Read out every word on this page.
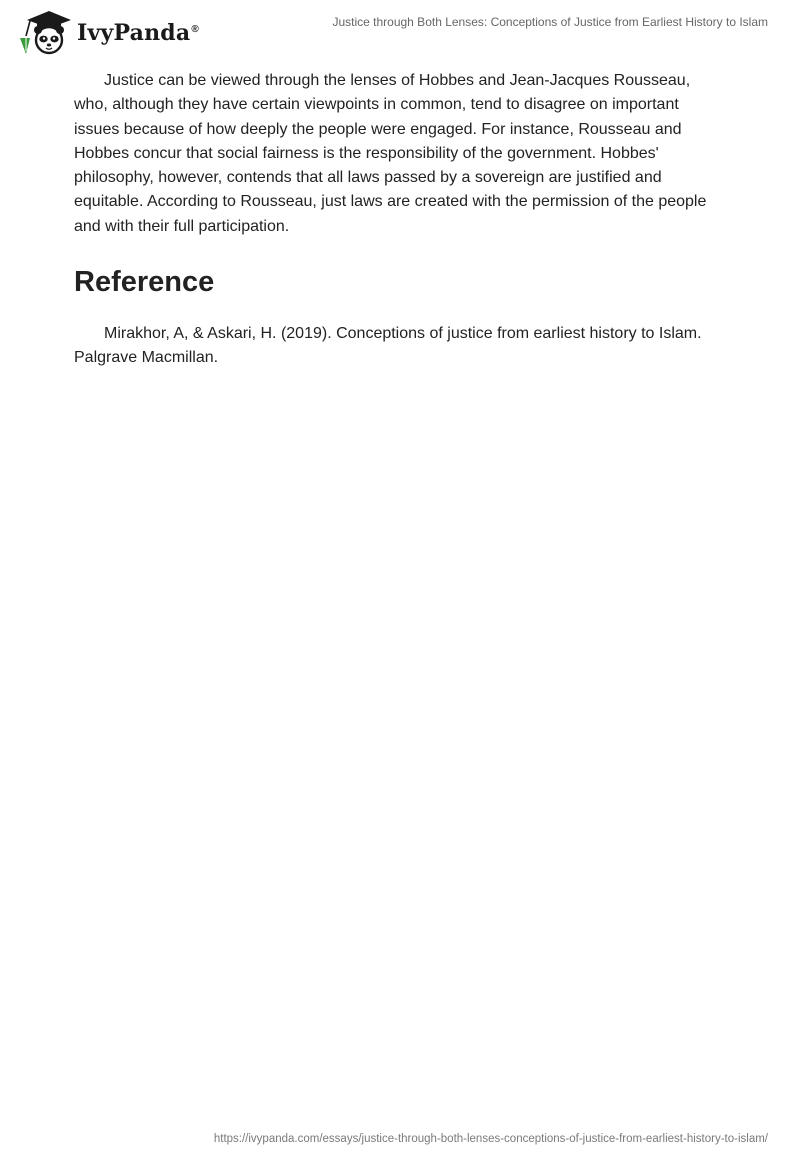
IvyPanda®
Justice through Both Lenses: Conceptions of Justice from Earliest History to Islam

Justice can be viewed through the lenses of Hobbes and Jean-Jacques Rousseau, who, although they have certain viewpoints in common, tend to disagree on important issues because of how deeply the people were engaged. For instance, Rousseau and Hobbes concur that social fairness is the responsibility of the government. Hobbes' philosophy, however, contends that all laws passed by a sovereign are justified and equitable. According to Rousseau, just laws are created with the permission of the people and with their full participation.

Reference

Mirakhor, A, & Askari, H. (2019). Conceptions of justice from earliest history to Islam. Palgrave Macmillan.

https://ivypanda.com/essays/justice-through-both-lenses-conceptions-of-justice-from-earliest-history-to-islam/
